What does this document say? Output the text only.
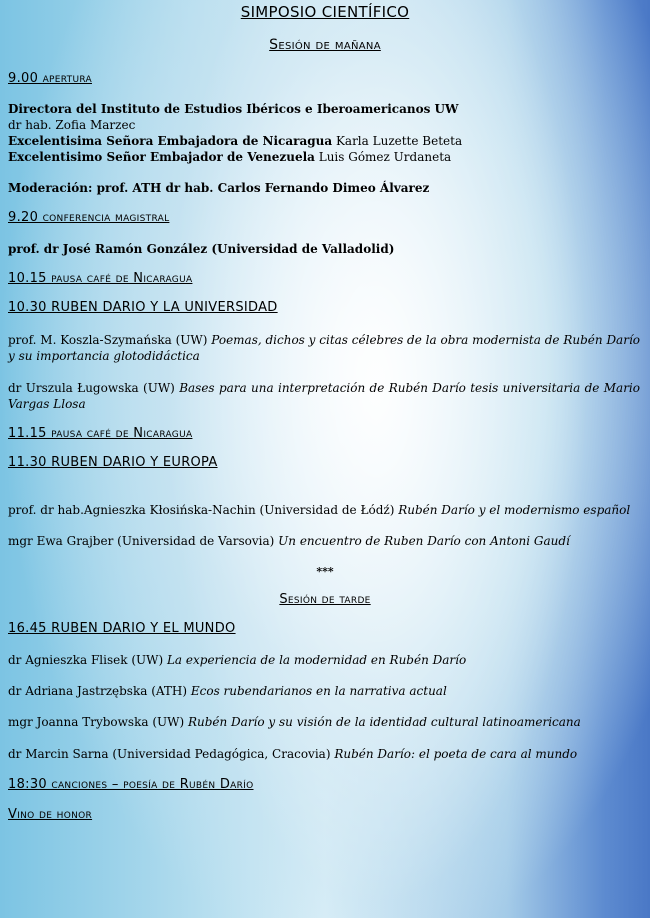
SIMPOSIO CIENTÍFICO
Sesión de mañana
9.00 apertura
Directora del Instituto de Estudios Ibéricos e Iberoamericanos UW
dr hab. Zofia Marzec
Excelentisima Señora Embajadora de Nicaragua Karla Luzette Beteta
Excelentisimo Señor Embajador de Venezuela Luis Gómez Urdaneta
Moderación: prof. ATH dr hab. Carlos Fernando Dimeo Álvarez
9.20 conferencia magistral
prof. dr José Ramón González (Universidad de Valladolid)
10.15 pausa café de Nicaragua
10.30 RUBEN DARIO Y LA UNIVERSIDAD
prof. M. Koszla-Szymańska (UW) Poemas, dichos y citas célebres de la obra modernista de Rubén Darío y su importancia glotodidáctica
dr Urszula Ługowska (UW) Bases para una interpretación de Rubén Darío tesis universitaria de Mario Vargas Llosa
11.15 pausa café de Nicaragua
11.30 RUBEN DARIO Y EUROPA
prof. dr hab.Agnieszka Kłosińska-Nachin (Universidad de Łódź) Rubén Darío y el modernismo español
mgr Ewa Grajber (Universidad de Varsovia) Un encuentro de Ruben Darío con Antoni Gaudí
***
Sesión de tarde
16.45 RUBEN DARIO Y EL MUNDO
dr Agnieszka Flisek (UW) La experiencia de la modernidad en Rubén Darío
dr Adriana Jastrzębska (ATH) Ecos rubendarianos en la narrativa actual
mgr Joanna Trybowska (UW) Rubén Darío y su visión de la identidad cultural latinoamericana
dr Marcin Sarna (Universidad Pedagógica, Cracovia) Rubén Darío: el poeta de cara al mundo
18:30 canciones – poesía de Rubén Darío
Vino de honor
